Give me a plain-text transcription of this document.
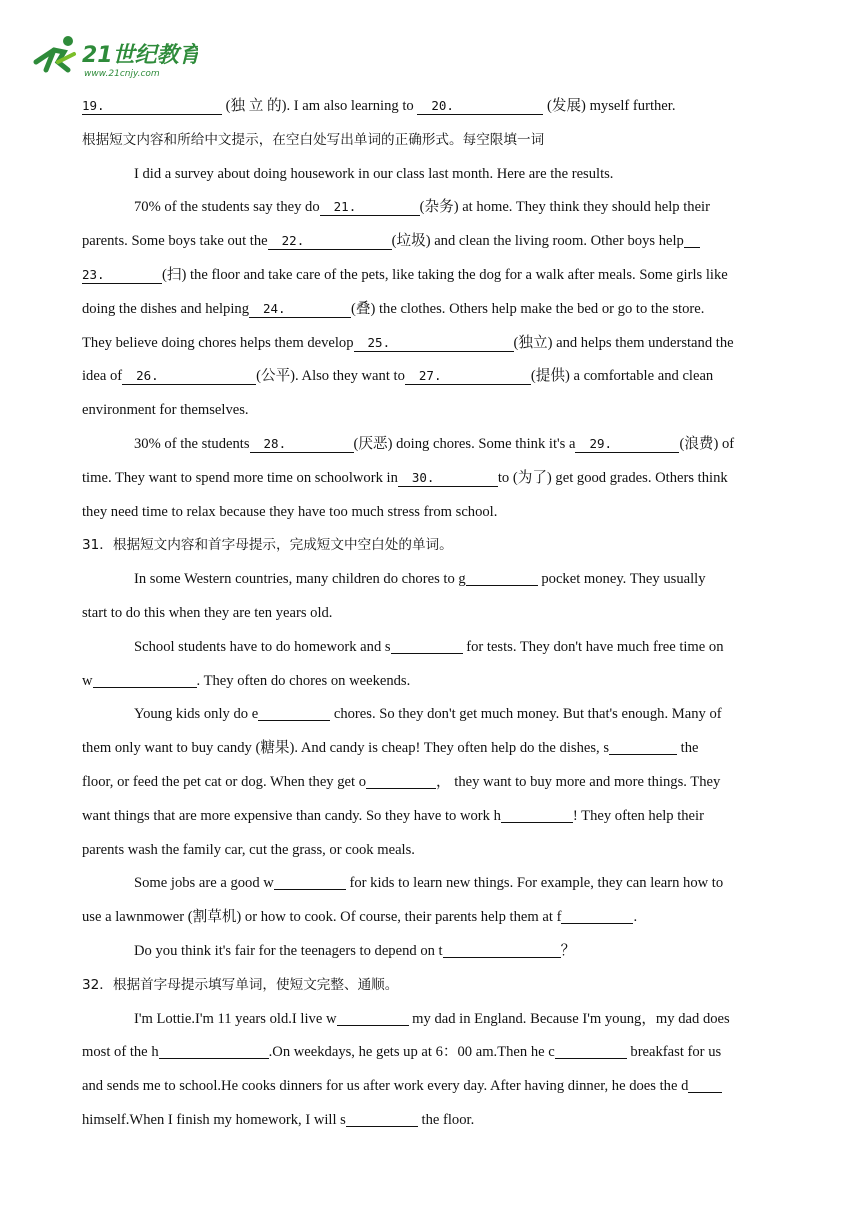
21世纪教育
www.21cnjy.com
19.	(独 立 的). I am also learning to 20.	(发展) myself further.
根据短文内容和所给中文提示，在空白处写出单词的正确形式。每空限填一词
I did a survey about doing housework in our class last month. Here are the results.
70% of the students say they do 21.	(杂务) at home. They think they should help their
parents. Some boys take out the 22.	(垃圾) and clean the living room. Other boys help
23.	(扫) the floor and take care of the pets, like taking the dog for a walk after meals. Some girls like
doing the dishes and helping 24.	(叠) the clothes. Others help make the bed or go to the store.
They believe doing chores helps them develop 25.	(独立) and helps them understand the
idea of 26.	(公平). Also they want to 27.	(提供) a comfortable and clean
environment for themselves.
30% of the students 28.	(厌恶) doing chores. Some think it's a 29.	(浪费) of
time. They want to spend more time on schoolwork in 30.	to (为了) get good grades. Others think
they need time to relax because they have too much stress from school.
31．根据短文内容和首字母提示，完成短文中空白处的单词。
In some Western countries, many children do chores to g	pocket money. They usually
start to do this when they are ten years old.
School students have to do homework and s	for tests. They don't have much free time on
w	. They often do chores on weekends.
Young kids only do e	chores. So they don't get much money. But that's enough. Many of
them only want to buy candy (糖果). And candy is cheap! They often help do the dishes, s	the
floor, or feed the pet cat or dog. When they get o	， they want to buy more and more things. They
want things that are more expensive than candy. So they have to work h	! They often help their
parents wash the family car, cut the grass, or cook meals.
Some jobs are a good w	for kids to learn new things. For example, they can learn how to
use a lawnmower (割草机) or how to cook. Of course, their parents help them at f	.
Do you think it's fair for the teenagers to depend on t	？
32．根据首字母提示填写单词，使短文完整、通顺。
I'm Lottie.I'm 11 years old.I live w	my dad in England. Because I'm young，my dad does
most of the h	.On weekdays, he gets up at 6：00 am.Then he c	breakfast for us
and sends me to school.He cooks dinners for us after work every day. After having dinner, he does the d
himself.When I finish my homework, I will s	the floor.
